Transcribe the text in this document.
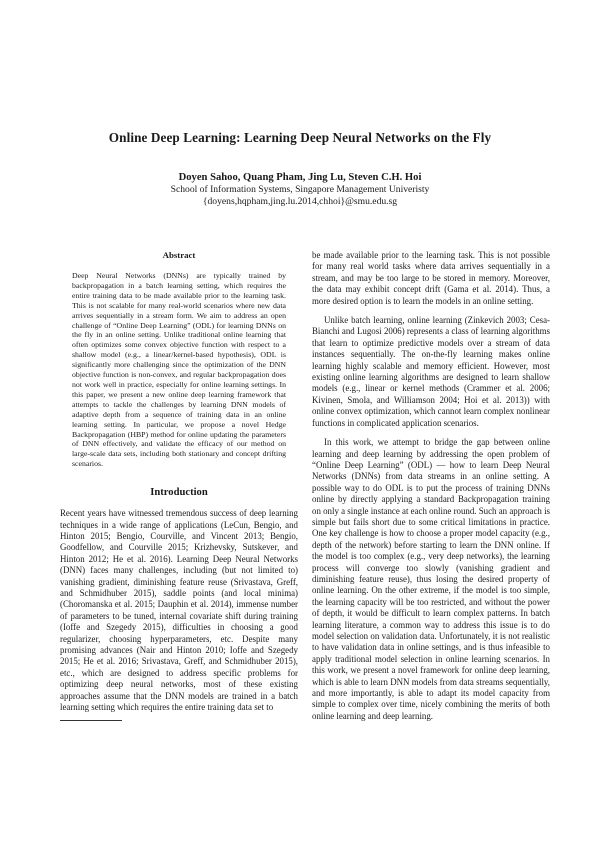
Online Deep Learning: Learning Deep Neural Networks on the Fly
Doyen Sahoo, Quang Pham, Jing Lu, Steven C.H. Hoi
School of Information Systems, Singapore Management Univeristy
{doyens,hqpham,jing.lu.2014,chhoi}@smu.edu.sg
Abstract

Deep Neural Networks (DNNs) are typically trained by backpropagation in a batch learning setting, which requires the entire training data to be made available prior to the learning task. This is not scalable for many real-world scenarios where new data arrives sequentially in a stream form. We aim to address an open challenge of “Online Deep Learning” (ODL) for learning DNNs on the fly in an online setting. Unlike traditional online learning that often optimizes some convex objective function with respect to a shallow model (e.g., a linear/kernel-based hypothesis), ODL is significantly more challenging since the optimization of the DNN objective function is non-convex, and regular backpropagation does not work well in practice, especially for online learning settings. In this paper, we present a new online deep learning framework that attempts to tackle the challenges by learning DNN models of adaptive depth from a sequence of training data in an online learning setting. In particular, we propose a novel Hedge Backpropagation (HBP) method for online updating the parameters of DNN effectively, and validate the efficacy of our method on large-scale data sets, including both stationary and concept drifting scenarios.

Introduction

Recent years have witnessed tremendous success of deep learning techniques in a wide range of applications (LeCun, Bengio, and Hinton 2015; Bengio, Courville, and Vincent 2013; Bengio, Goodfellow, and Courville 2015; Krizhevsky, Sutskever, and Hinton 2012; He et al. 2016). Learning Deep Neural Networks (DNN) faces many challenges, including (but not limited to) vanishing gradient, diminishing feature reuse (Srivastava, Greff, and Schmidhuber 2015), saddle points (and local minima) (Choromanska et al. 2015; Dauphin et al. 2014), immense number of parameters to be tuned, internal covariate shift during training (Ioffe and Szegedy 2015), difficulties in choosing a good regularizer, choosing hyperparameters, etc. Despite many promising advances (Nair and Hinton 2010; Ioffe and Szegedy 2015; He et al. 2016; Srivastava, Greff, and Schmidhuber 2015), etc., which are designed to address specific problems for optimizing deep neural networks, most of these existing approaches assume that the DNN models are trained in a batch learning setting which requires the entire training data set to

be made available prior to the learning task. This is not possible for many real world tasks where data arrives sequentially in a stream, and may be too large to be stored in memory. Moreover, the data may exhibit concept drift (Gama et al. 2014). Thus, a more desired option is to learn the models in an online setting.

Unlike batch learning, online learning (Zinkevich 2003; Cesa-Bianchi and Lugosi 2006) represents a class of learning algorithms that learn to optimize predictive models over a stream of data instances sequentially. The on-the-fly learning makes online learning highly scalable and memory efficient. However, most existing online learning algorithms are designed to learn shallow models (e.g., linear or kernel methods (Crammer et al. 2006; Kivinen, Smola, and Williamson 2004; Hoi et al. 2013)) with online convex optimization, which cannot learn complex nonlinear functions in complicated application scenarios.

In this work, we attempt to bridge the gap between online learning and deep learning by addressing the open problem of “Online Deep Learning” (ODL) — how to learn Deep Neural Networks (DNNs) from data streams in an online setting. A possible way to do ODL is to put the process of training DNNs online by directly applying a standard Backpropagation training on only a single instance at each online round. Such an approach is simple but fails short due to some critical limitations in practice. One key challenge is how to choose a proper model capacity (e.g., depth of the network) before starting to learn the DNN online. If the model is too complex (e.g., very deep networks), the learning process will converge too slowly (vanishing gradient and diminishing feature reuse), thus losing the desired property of online learning. On the other extreme, if the model is too simple, the learning capacity will be too restricted, and without the power of depth, it would be difficult to learn complex patterns. In batch learning literature, a common way to address this issue is to do model selection on validation data. Unfortunately, it is not realistic to have validation data in online settings, and is thus infeasible to apply traditional model selection in online learning scenarios. In this work, we present a novel framework for online deep learning, which is able to learn DNN models from data streams sequentially, and more importantly, is able to adapt its model capacity from simple to complex over time, nicely combining the merits of both online learning and deep learning.
